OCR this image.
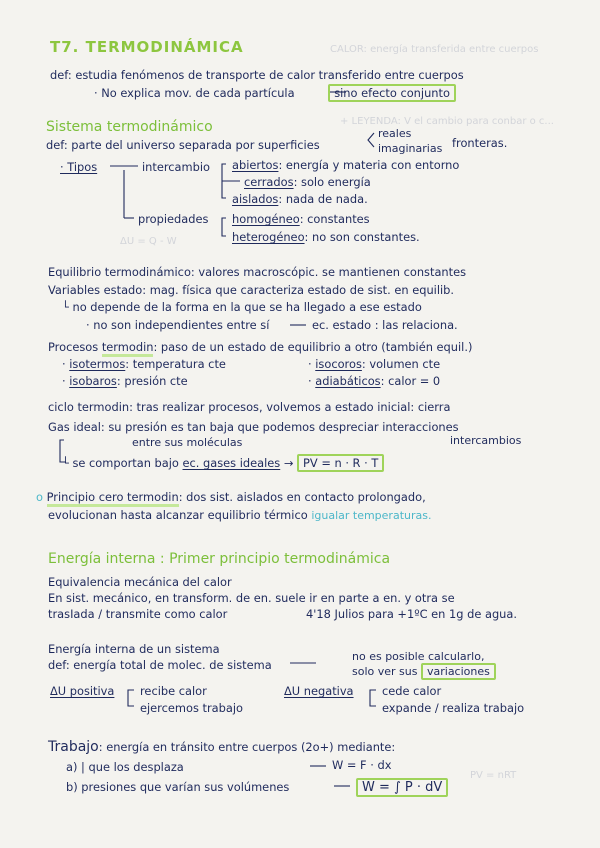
CALOR: energía transferida entre cuerpos
+ LEYENDA: V el cambio para conbar o c...
ΔU = Q - W
PV = nRT
T7. TERMODINÁMICA
def: estudia fenómenos de transporte de calor transferido entre cuerpos
· No explica mov. de cada partícula	sino efecto conjunto
Sistema termodinámico
def: parte del universo separada por superficies
reales
imaginarias fronteras.
· Tipos	intercambio abiertos: energía y materia con entorno
cerrados: solo energía
aislados: nada de nada.
propiedades homogéneo: constantes
heterogéneo: no son constantes.
Equilibrio termodinámico: valores macroscópic. se mantienen constantes
Variables estado: mag. física que caracteriza estado de sist. en equilib.
└ no depende de la forma en la que se ha llegado a ese estado
· no son independientes entre sí	ec. estado : las relaciona.
Procesos termodin: paso de un estado de equilibrio a otro (también equil.)
· isotermos: temperatura cte
· isobaros: presión cte
· isocoros: volumen cte
· adiabáticos: calor = 0
ciclo termodin: tras realizar procesos, volvemos a estado inicial: cierra
Gas ideal: su presión es tan baja que podemos despreciar interacciones
entre sus moléculas	intercambios
└ se comportan bajo ec. gases ideales → PV = n · R · T
o Principio cero termodin: dos sist. aislados en contacto prolongado,
evolucionan hasta alcanzar equilibrio térmico igualar temperaturas.
Energía interna : Primer principio termodinámica
Equivalencia mecánica del calor
En sist. mecánico, en transform. de en. suele ir en parte a en. y otra se
trasIada / transmite como calor	4'18 Julios para +1ºC en 1g de agua.
Energía interna de un sistema
def: energía total de molec. de sistema
no es posible calcularlo,
solo ver sus variaciones
ΔU positiva recibe calor
ejercemos trabajo
ΔU negativa cede calor
expande / realiza trabajo
Trabajo: energía en tránsito entre cuerpos (2o+) mediante:
a) | que los desplaza	W = F · dx
b) presiones que varían sus volúmenes	W = ∫ P · dV
